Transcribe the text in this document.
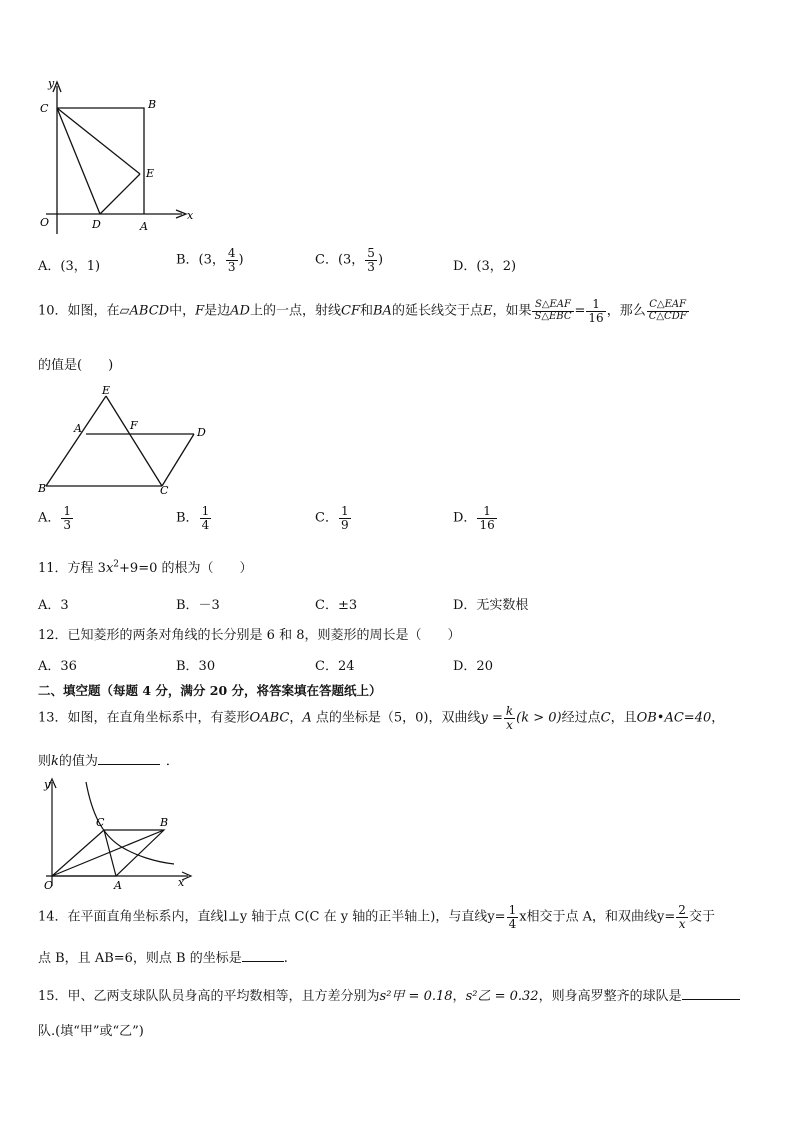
y
C	B
E
O	D	A
x
A．(3，1)	B．(3， $\frac{4}{3}$ )	C．(3， $\frac{5}{3}$ )	D．(3，2)
10．如图，在▱ABCD中，F是边AD上的一点，射线CF和BA的延长线交于点E，如果 $\frac{\text{S△EAF}}{\text{S△EBC}} = \frac{1}{16}$ ，那么 $\frac{\text{C△EAF}}{\text{C△CDF}}$
的值是(　　)
E
A	F
D
B	C
A． $\frac{1}{3}$	B． $\frac{1}{4}$	C． $\frac{1}{9}$	D． $\frac{1}{16}$
11．方程 $3x^2+9=0$ 的根为（　　）
A．3	B．－3	C．±3	D．无实数根
12．已知菱形的两条对角线的长分别是 6 和 8，则菱形的周长是（　　）
A．36	B．30	C．24	D．20
二、填空题（每题 4 分，满分 20 分，将答案填在答题纸上）
13．如图，在直角坐标系中，有菱形OABC，A 点的坐标是（5，0)，双曲线$y = \frac{k}{x} (k > 0)$经过点C，且OB•AC=40，
则k的值为	．
y
C	B
O	A	x
14．在平面直角坐标系内，直线l⊥y 轴于点 C(C 在 y 轴的正半轴上)，与直线$y= \frac{1}{4}$ x相交于点 A，和双曲线$y= \frac{2}{x}$ 交于
点 B，且 AB=6，则点 B 的坐标是	.
15．甲、乙两支球队队员身高的平均数相等，且方差分别为s²甲 = 0.18，s²乙 = 0.32，则身高罗整齐的球队是
队.(填“甲”或“乙”)
